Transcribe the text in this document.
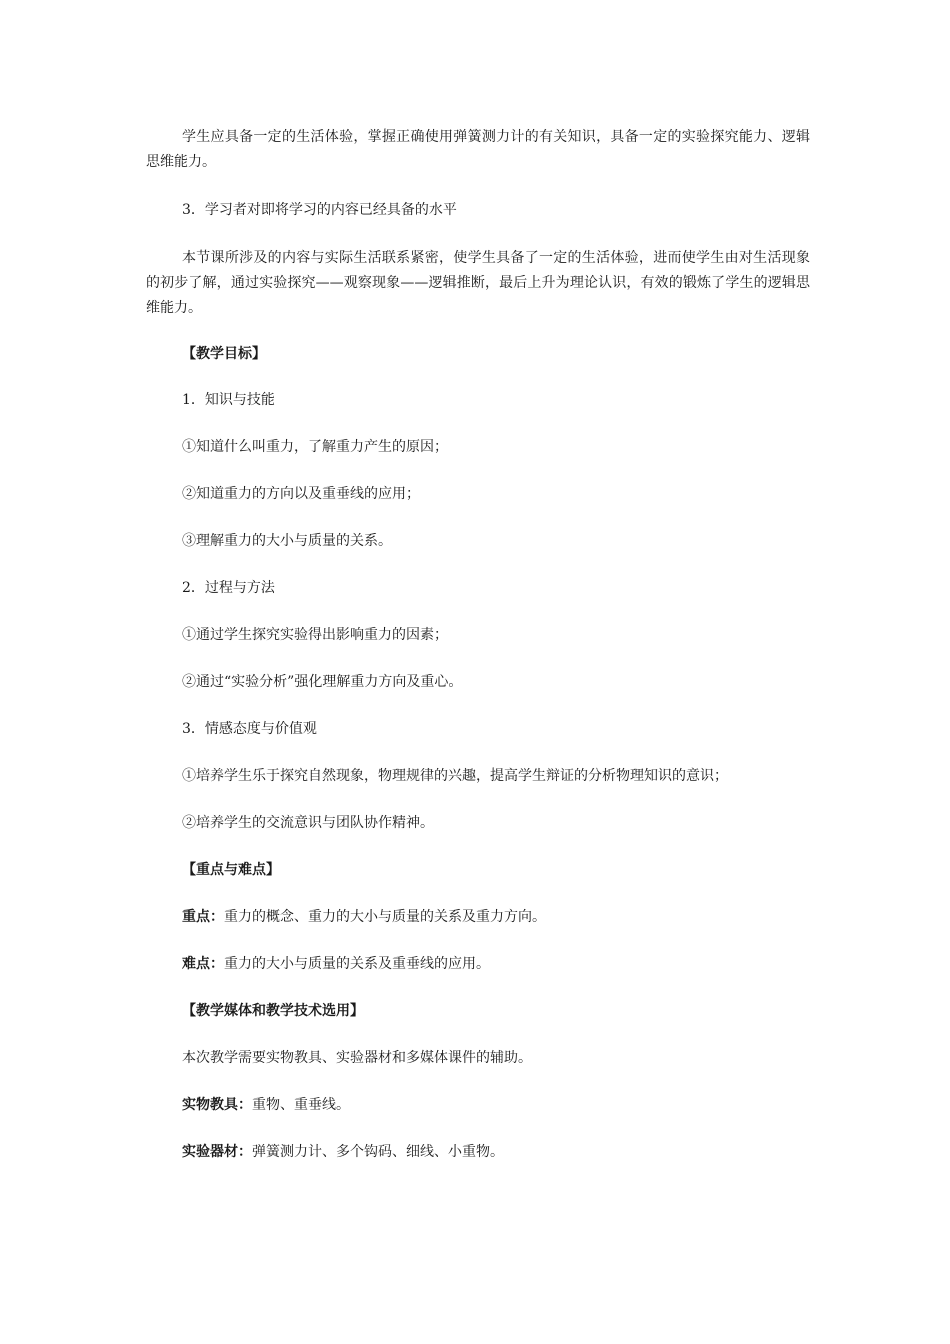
学生应具备一定的生活体验，掌握正确使用弹簧测力计的有关知识，具备一定的实验探究能力、逻辑思维能力。

3．学习者对即将学习的内容已经具备的水平

本节课所涉及的内容与实际生活联系紧密，使学生具备了一定的生活体验，进而使学生由对生活现象的初步了解，通过实验探究——观察现象——逻辑推断，最后上升为理论认识，有效的锻炼了学生的逻辑思维能力。

【教学目标】

1．知识与技能

①知道什么叫重力，了解重力产生的原因；

②知道重力的方向以及重垂线的应用；

③理解重力的大小与质量的关系。

2．过程与方法

①通过学生探究实验得出影响重力的因素；

②通过“实验分析”强化理解重力方向及重心。

3．情感态度与价值观

①培养学生乐于探究自然现象，物理规律的兴趣，提高学生辩证的分析物理知识的意识；

②培养学生的交流意识与团队协作精神。

【重点与难点】

重点：重力的概念、重力的大小与质量的关系及重力方向。

难点：重力的大小与质量的关系及重垂线的应用。

【教学媒体和教学技术选用】

本次教学需要实物教具、实验器材和多媒体课件的辅助。

实物教具：重物、重垂线。

实验器材：弹簧测力计、多个钩码、细线、小重物。
